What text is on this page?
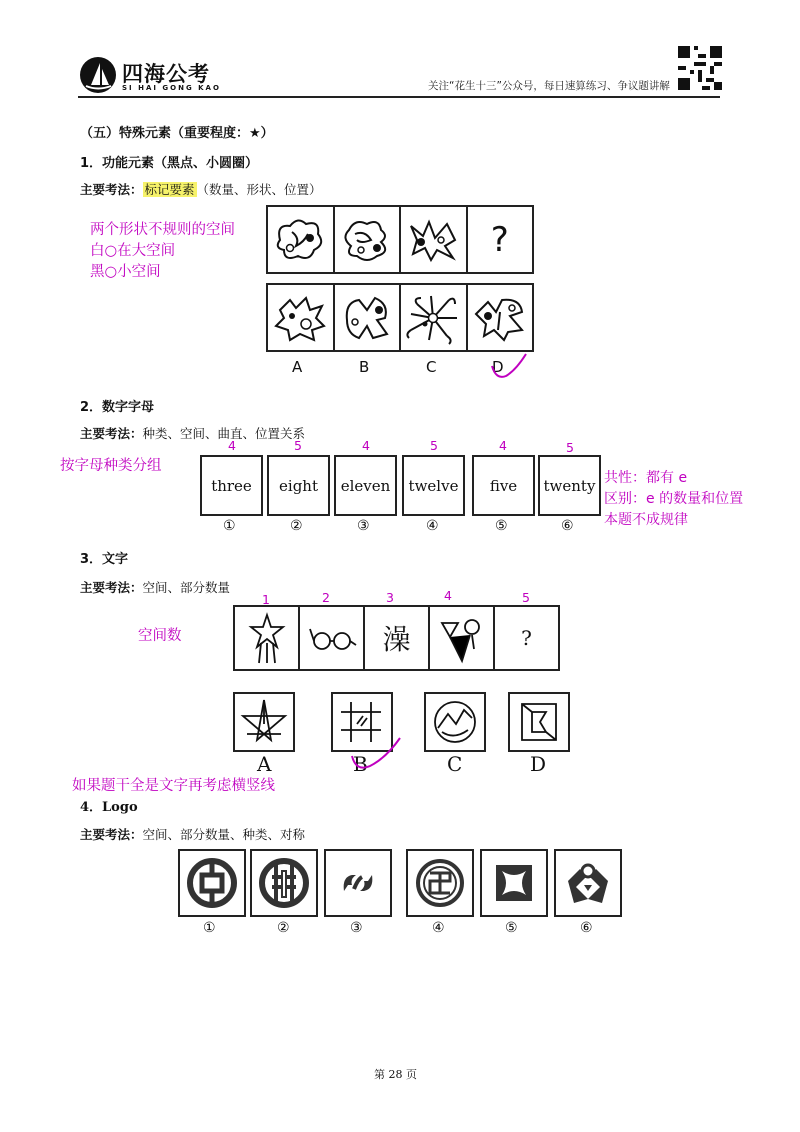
四海公考
SI HAI GONG KAO	关注“花生十三”公众号，每日速算练习、争议题讲解
（五）特殊元素（重要程度：★）
1．功能元素（黑点、小圆圈）
主要考法： 标记要素 （数量、形状、位置）
两个形状不规则的空间
白○在大空间
黑○小空间
?
A	B	C	D
2．数字字母
主要考法：种类、空间、曲直、位置关系
按字母种类分组
4	5	4	5	4	5
three eight eleven twelve five twenty
①	②	③	④	⑤	⑥
共性：都有 e
区别：e 的数量和位置
本题不成规律
3．文字
主要考法：空间、部分数量
空间数
1	2	3	4	5
澡	?
A	B	C	D
如果题干全是文字再考虑横竖线
4．Logo
主要考法：空间、部分数量、种类、对称
①	②	③	④	⑤	⑥
第 28 页
